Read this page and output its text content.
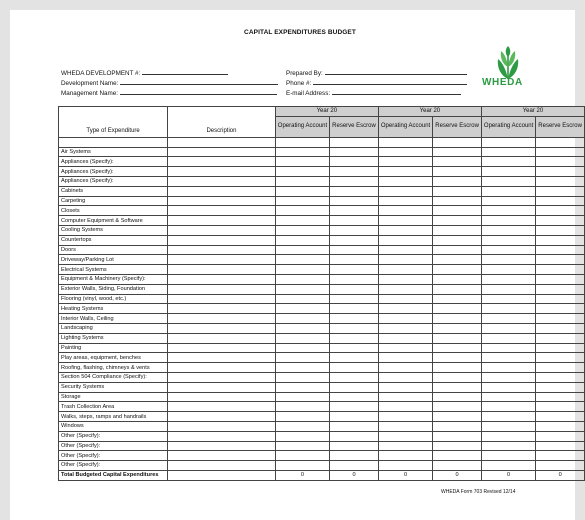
CAPITAL EXPENDITURES BUDGET
WHEDA DEVELOPMENT #:
Development Name:
Management Name:
Prepared By:
Phone #:
E-mail Address:
WHEDA
Type of Expenditure	Description	Year 20		Year 20		Year 20	
		Operating Account	Reserve Escrow	Operating Account	Reserve Escrow	Operating Account	Reserve Escrow

Air Systems							
Appliances (Specify):							
Appliances (Specify):							
Appliances (Specify):							
Cabinets							
Carpeting							
Closets							
Computer Equipment & Software							
Cooling Systems							
Countertops							
Doors							
Driveway/Parking Lot							
Electrical Systems							
Equipment & Machinery (Specify):							
Exterior Walls, Siding, Foundation							
Flooring (vinyl, wood, etc.)							
Heating Systems							
Interior Walls, Ceiling							
Landscaping							
Lighting Systems							
Painting							
Play areas, equipment, benches							
Roofing, flashing, chimneys & vents							
Section 504 Compliance (Specify):							
Security Systems							
Storage							
Trash Collection Area							
Walks, steps, ramps and handrails							
Windows							
Other (Specify):							
Other (Specify):							
Other (Specify):							
Other (Specify):							
Total Budgeted Capital Expenditures		0	0	0	0	0	0
WHEDA Form 703 Revised 12/14
